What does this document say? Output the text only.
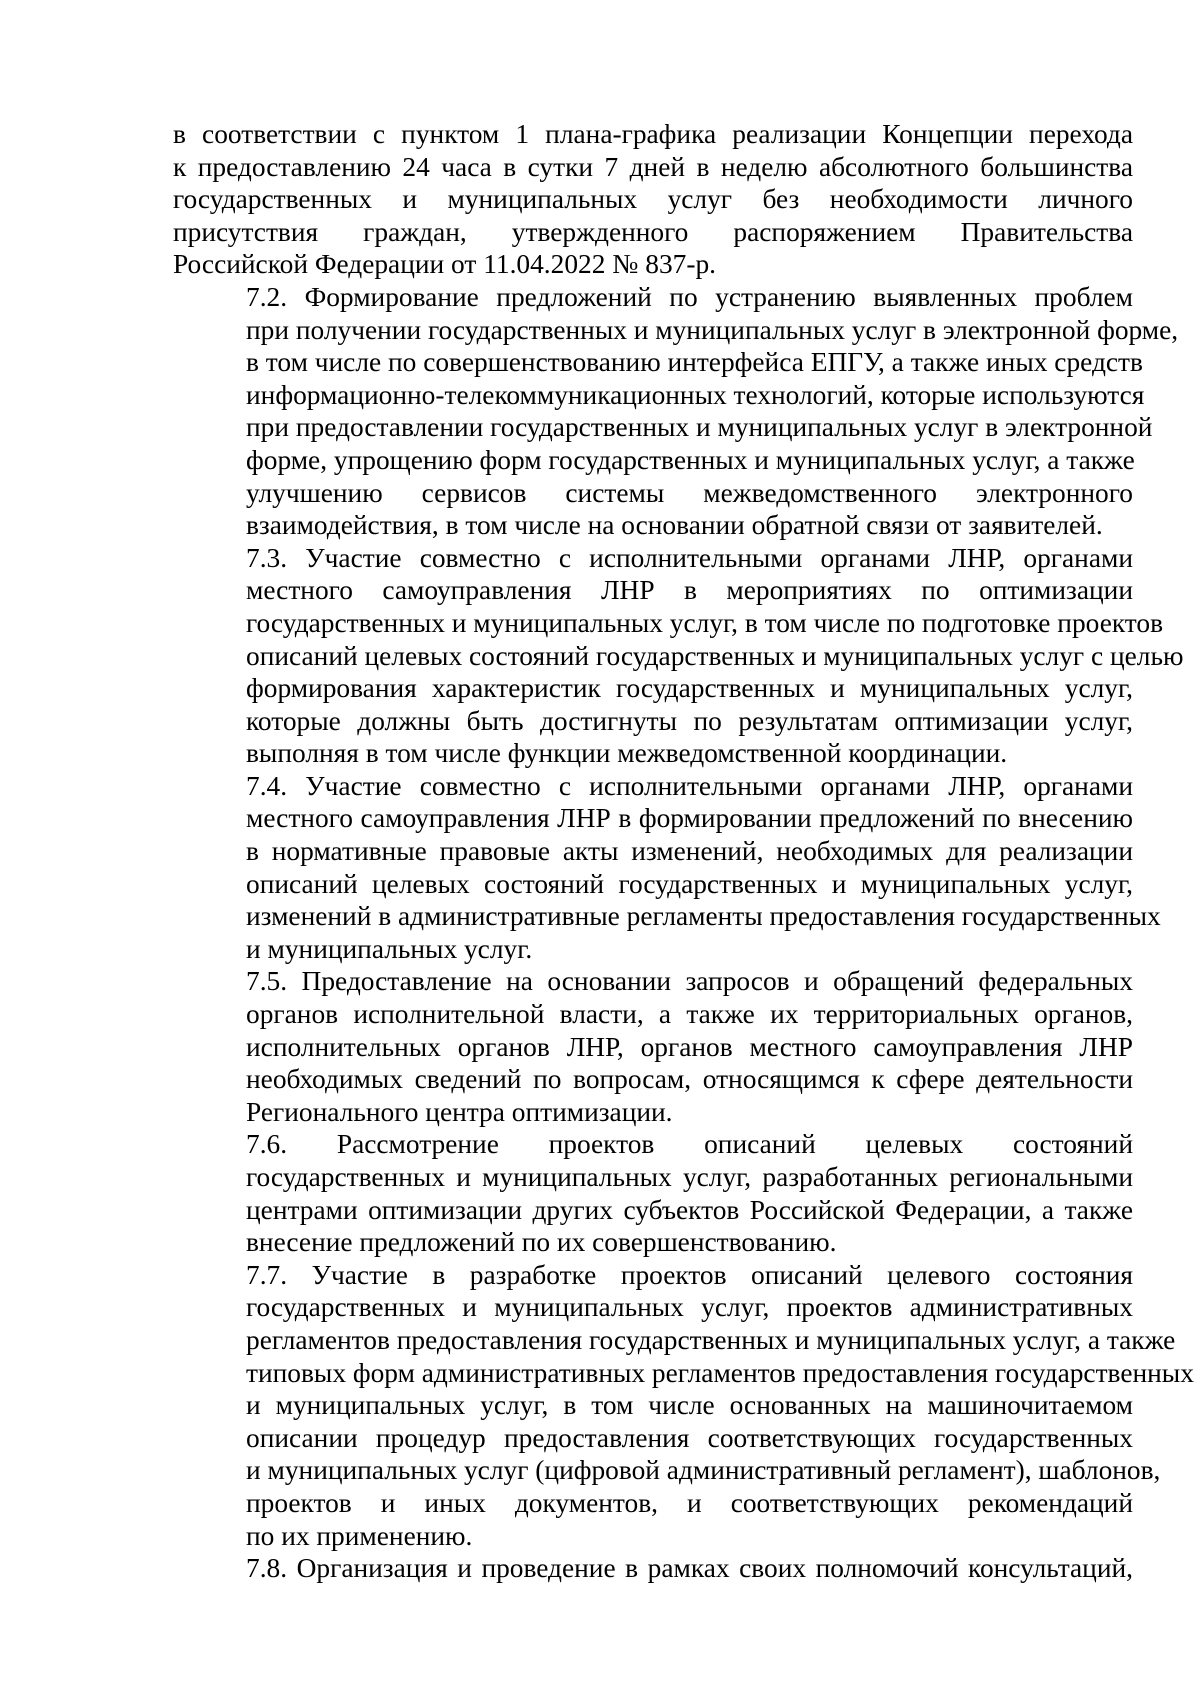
в соответствии с пунктом 1 плана-графика реализации Концепции перехода
к предоставлению 24 часа в сутки 7 дней в неделю абсолютного большинства
государственных и муниципальных услуг без необходимости личного
присутствия граждан, утвержденного распоряжением Правительства
Российской Федерации от 11.04.2022 № 837-р.
7.2. Формирование предложений по устранению выявленных проблем
при получении государственных и муниципальных услуг в электронной форме,
в том числе по совершенствованию интерфейса ЕПГУ, а также иных средств
информационно-телекоммуникационных технологий, которые используются
при предоставлении государственных и муниципальных услуг в электронной
форме, упрощению форм государственных и муниципальных услуг, а также
улучшению сервисов системы межведомственного электронного
взаимодействия, в том числе на основании обратной связи от заявителей.
7.3. Участие совместно с исполнительными органами ЛНР, органами
местного самоуправления ЛНР в мероприятиях по оптимизации
государственных и муниципальных услуг, в том числе по подготовке проектов
описаний целевых состояний государственных и муниципальных услуг с целью
формирования характеристик государственных и муниципальных услуг,
которые должны быть достигнуты по результатам оптимизации услуг,
выполняя в том числе функции межведомственной координации.
7.4. Участие совместно с исполнительными органами ЛНР, органами
местного самоуправления ЛНР в формировании предложений по внесению
в нормативные правовые акты изменений, необходимых для реализации
описаний целевых состояний государственных и муниципальных услуг,
изменений в административные регламенты предоставления государственных
и муниципальных услуг.
7.5. Предоставление на основании запросов и обращений федеральных
органов исполнительной власти, а также их территориальных органов,
исполнительных органов ЛНР, органов местного самоуправления ЛНР
необходимых сведений по вопросам, относящимся к сфере деятельности
Регионального центра оптимизации.
7.6. Рассмотрение проектов описаний целевых состояний
государственных и муниципальных услуг, разработанных региональными
центрами оптимизации других субъектов Российской Федерации, а также
внесение предложений по их совершенствованию.
7.7. Участие в разработке проектов описаний целевого состояния
государственных и муниципальных услуг, проектов административных
регламентов предоставления государственных и муниципальных услуг, а также
типовых форм административных регламентов предоставления государственных
и муниципальных услуг, в том числе основанных на машиночитаемом
описании процедур предоставления соответствующих государственных
и муниципальных услуг (цифровой административный регламент), шаблонов,
проектов и иных документов, и соответствующих рекомендаций
по их применению.
7.8. Организация и проведение в рамках своих полномочий консультаций,
